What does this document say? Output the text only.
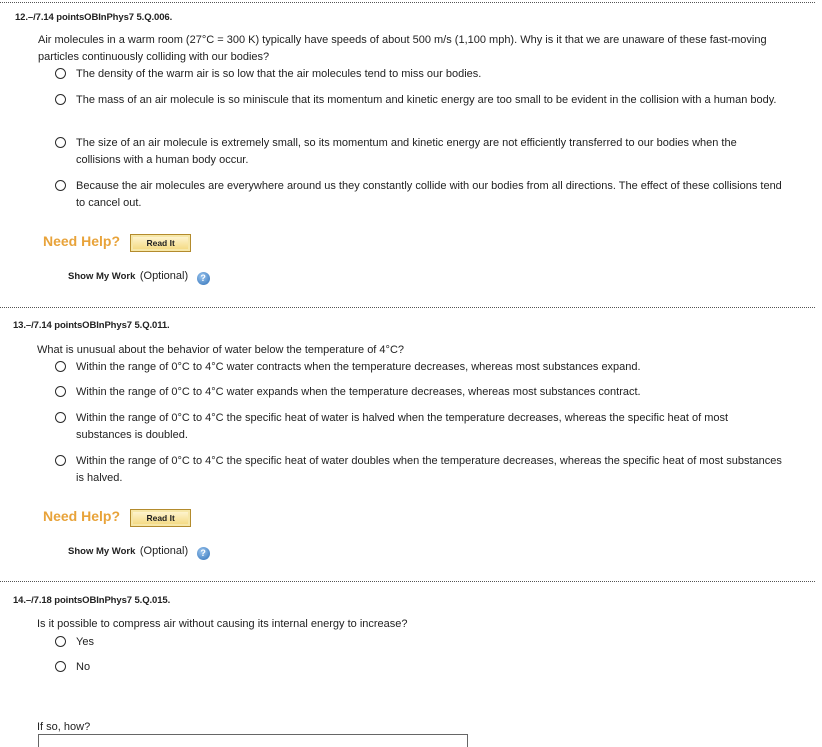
12.–/7.14 pointsOBInPhys7 5.Q.006.
Air molecules in a warm room (27°C = 300 K) typically have speeds of about 500 m/s (1,100 mph). Why is it that we are unaware of these fast-moving particles continuously colliding with our bodies?
The density of the warm air is so low that the air molecules tend to miss our bodies.
The mass of an air molecule is so miniscule that its momentum and kinetic energy are too small to be evident in the collision with a human body.
The size of an air molecule is extremely small, so its momentum and kinetic energy are not efficiently transferred to our bodies when the collisions with a human body occur.
Because the air molecules are everywhere around us they constantly collide with our bodies from all directions. The effect of these collisions tend to cancel out.
Need Help?	Read It
Show My Work (Optional) ?
13.–/7.14 pointsOBInPhys7 5.Q.011.
What is unusual about the behavior of water below the temperature of 4°C?
Within the range of 0°C to 4°C water contracts when the temperature decreases, whereas most substances expand.
Within the range of 0°C to 4°C water expands when the temperature decreases, whereas most substances contract.
Within the range of 0°C to 4°C the specific heat of water is halved when the temperature decreases, whereas the specific heat of most substances is doubled.
Within the range of 0°C to 4°C the specific heat of water doubles when the temperature decreases, whereas the specific heat of most substances is halved.
Need Help?	Read It
Show My Work (Optional) ?
14.–/7.18 pointsOBInPhys7 5.Q.015.
Is it possible to compress air without causing its internal energy to increase?
Yes
No
If so, how?
